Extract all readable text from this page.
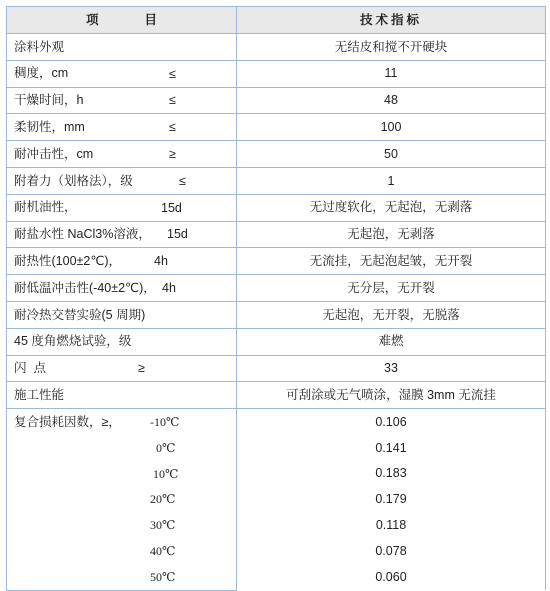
项 目	技术指标
涂料外观	无结皮和搅不开硬块
稠度，cm ≤	11
干燥时间，h ≤	48
柔韧性，mm ≤	100
耐冲击性，cm ≥	50
附着力（划格法），级 ≤	1
耐机油性， 15d	无过度软化，无起泡，无剥落
耐盐水性 NaCl3%溶液， 15d	无起泡，无剥落
耐热性(100±2℃)， 4h	无流挂，无起泡起皱，无开裂
耐低温冲击性(-40±2℃)， 4h	无分层，无开裂
耐冷热交替实验(5 周期)	无起泡，无开裂，无脱落
45 度角燃烧试验，级	难燃
闪  点 ≥	33
施工性能	可刮涂或无气喷涂，湿膜 3mm 无流挂
复合损耗因数，≥， -10℃	0.106

0℃	0.141

10℃	0.183

20℃	0.179

30℃	0.118

40℃	0.078

50℃	0.060
